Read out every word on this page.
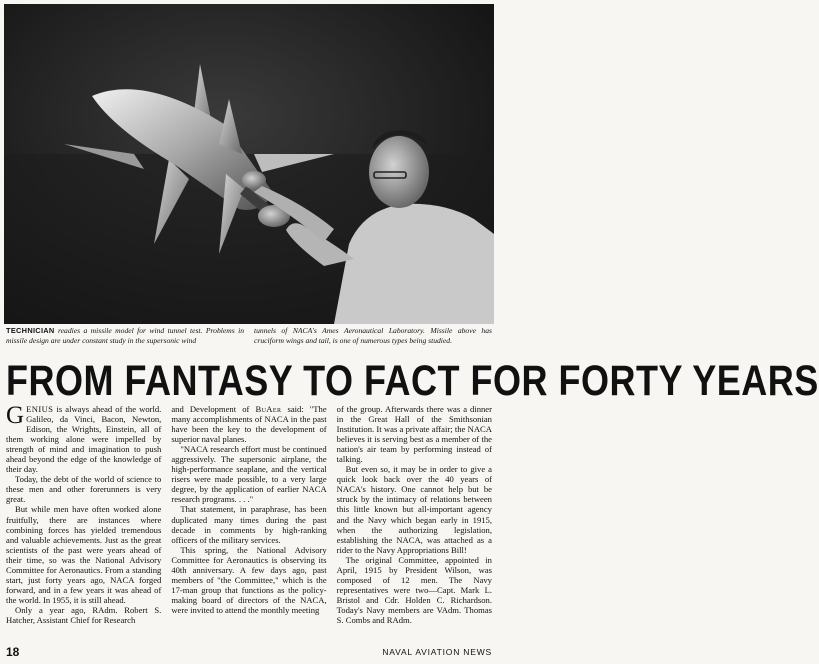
TECHNICIAN readies a missile model for wind tunnel test. Problems in missile design are under constant study in the supersonic wind
tunnels of NACA's Ames Aeronautical Laboratory. Missile above has cruciform wings and tail, is one of numerous types being studied.
FROM FANTASY TO FACT FOR FORTY YEARS

GENIUS is always ahead of the world. Galileo, da Vinci, Bacon, Newton, Edison, the Wrights, Einstein, all of them working alone were impelled by strength of mind and imagination to push ahead beyond the edge of the knowledge of their day.

Today, the debt of the world of science to these men and other forerunners is very great.

But while men have often worked alone fruitfully, there are instances where combining forces has yielded tremendous and valuable achievements. Just as the great scientists of the past were years ahead of their time, so was the National Advisory Committee for Aeronautics. From a standing start, just forty years ago, NACA forged forward, and in a few years it was ahead of the world. In 1955, it is still ahead.

Only a year ago, RAdm. Robert S. Hatcher, Assistant Chief for Research

and Development of BuAer said: "The many accomplishments of NACA in the past have been the key to the development of superior naval planes.

"NACA research effort must be continued aggressively. The supersonic airplane, the high-performance seaplane, and the vertical risers were made possible, to a very large degree, by the application of earlier NACA research programs. . . ."

That statement, in paraphrase, has been duplicated many times during the past decade in comments by high-ranking officers of the military services.

This spring, the National Advisory Committee for Aeronautics is observing its 40th anniversary. A few days ago, past members of "the Committee," which is the 17-man group that functions as the policy-making board of directors of the NACA, were invited to attend the monthly meeting

of the group. Afterwards there was a dinner in the Great Hall of the Smithsonian Institution. It was a private affair; the NACA believes it is serving best as a member of the nation's air team by performing instead of talking.

But even so, it may be in order to give a quick look back over the 40 years of NACA's history. One cannot help but be struck by the intimacy of relations between this little known but all-important agency and the Navy which began early in 1915, when the authorizing legislation, establishing the NACA, was attached as a rider to the Navy Appropriations Bill!

The original Committee, appointed in April, 1915 by President Wilson, was composed of 12 men. The Navy representatives were two—Capt. Mark L. Bristol and Cdr. Holden C. Richardson. Today's Navy members are VAdm. Thomas S. Combs and RAdm.

18	NAVAL AVIATION NEWS
